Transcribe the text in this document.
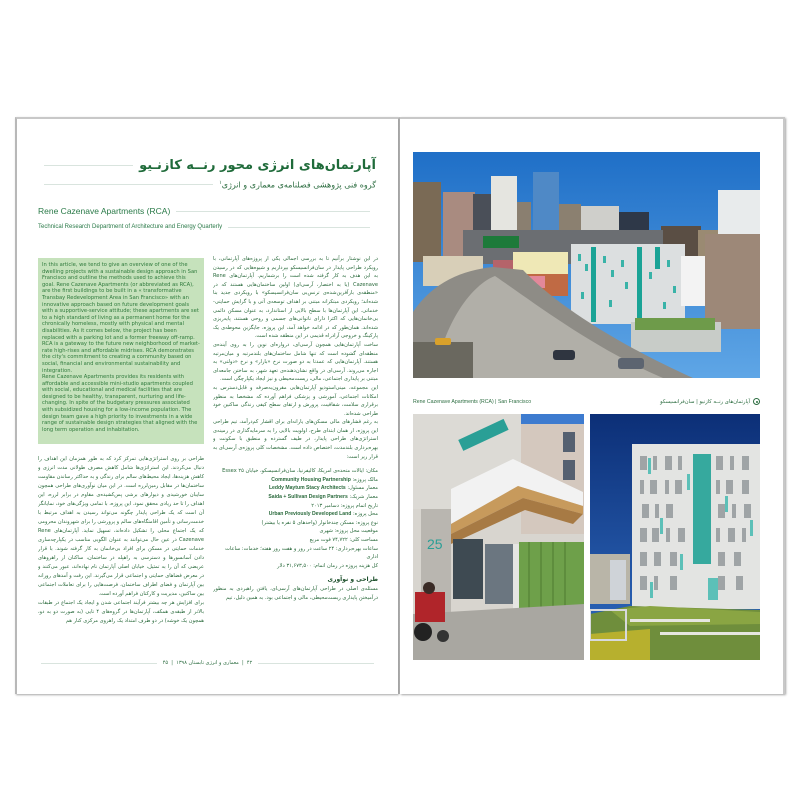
آپارتمان‌های انرژی محور رنــه کازنـیو
گروه فنی پژوهشی فصلنامه‌ی معماری و انرژی$^۱$
Rene Cazenave Apartments (RCA)
Technical Research Department of Architecture and Energy Quarterly

In this article, we tend to give an overview of one of the dwelling projects with a sustainable design approach in San Francisco and outline the methods used to achieve this goal. Rene Cazenave Apartments (or abbreviated as RCA), are the first buildings to be built in a « transformative Transbay Redevelopment Area in San Francisco» with an innovative approach based on future development goals with a supportive-service attitude; these apartments are set to a high standard of living as a permanent home for the chronically homeless, mostly with physical and mental disabilities. As it comes below, the project has been replaced with a parking lot and a former freeway off-ramp.

RCA is a gateway to the future new neighborhood of market-rate high-rises and affordable midrises. RCA demonstrates the city's commitment to creating a community based on social, financial and environmental sustainability and integration.

Rene Cazenave Apartments provides its residents with affordable and accessible mini-studio apartments coupled with social, educational and medical facilities that are designed to be healthy, transparent, nurturing and life-changing. In spite of the budgetary pressures associated with subsidized housing for a low-income population. The design team gave a high priority to investments in a wide range of sustainable design strategies that aligned with the long term operation and inhabitation.

در این نوشتار برآنیم تا به بررسی اجمالی یکی از پروژه‌های آپارتمانی، با رویکرد طراحی پایدار در سان‌فرانسیسکو بپردازیم و شیوه‌هایی که در رسیدن به این هدف به کار گرفته شده است را برشماریم. آپارتمان‌های Rene Cazenave (یا به اختصار، آر‌سی‌ای) اولین ساختمان‌هایی هستند که در «منطقه‌ی بازآفرین‌شده‌ی ترنس‌بی سان‌فرانسیسکو» با رویکردی جدید بنا شده‌اند؛ رویکردی مبتکرانه مبتنی بر اهداف توسعه‌ی آتی و با گرایش حمایتی- خدماتی. این آپارتمان‌ها با سطح بالایی از استاندارد، به عنوان مسکن دائمی بی‌خانمان‌هایی که اکثرا دارای ناتوانی‌های جسمی و روحی هستند، پایه‌ریزی شده‌اند. همان‌طور که در ادامه خواهد آمد، این پروژه، جایگزین محوطه‌ی یک پارکینگ و خروجی آزادراه قدیمی در این منطقه شده است.

ساخت آپارتمان‌هایی همچون آر‌سی‌ای، دروازه‌ای نوین را به روی آینده‌ی منطقه‌ای گشوده است که تنها شامل ساختمان‌های بلندمرتبه و میان‌مرتبه هستند. آپارتمان‌هایی که عمدتا به دو صورت نرخ «بازار» و نرخ «دولتی» به اجاره می‌روند. آر‌سی‌ای در واقع نشان‌دهنده‌ی تعهد شهر، به ساختن جامعه‌ای مبتنی بر پایداری اجتماعی، مالی، زیست‌محیطی و نیز ایجاد یکپارچگی است.

این مجموعه، مینی‌استودیو آپارتمان‌هایی مقرون‌به‌صرفه و قابل‌دسترس به امکانات اجتماعی، آموزشی و پزشکی فراهم آورده که مشخصا به منظور برقراری سلامت، شفافیت، پرورش و ارتقای سطح کیفی زندگی ساکنین خود طراحی شده‌اند.

به رغم فشارهای مالی مسکن‌های یارانه‌ای برای اقشار کم‌درآمد، تیم طراحی این پروژه، از همان ابتدای طرح، اولویت بالایی را به سرمایه‌گذاری در زمینه‌ی استراتژی‌های طراحی پایدار، در طیف گسترده و منطبق با سکونت و بهره‌برداری بلندمدت، اختصاص داده است. مشخصات کلی پروژه‌ی آر‌سی‌ای به قرار زیر است:

مکان: ایالات متحده‌ی امریکا، کالیفرنیا، سان‌فرانسیسکو، خیابان ۲۵ Essex
مالک پروژه: Community Housing Partnership
معمار مسئول: Leddy Maytum Stacy Architects
معمار شریک: Saida + Sullivan Design Partners
تاریخ اتمام پروژه: دسامبر ۲۰۱۳
محل پروژه: Urban Previously Developed Land
نوع پروژه: مسکن چندخانوار (واحدهای ۵ نفره یا بیشتر)
موقعیت محل پروژه: شهری
مساحت کلی: ۷۴,۷۲۲ فوت مربع
ساعات بهره‌برداری: ۲۴ ساعت در روز و هفت روز هفته؛ خدمات: ساعات اداری
کل هزینه پروژه در زمان اتمام: ۳۱,۶۷۳,۵۰۰ دلار

طراحی و نوآوری

مسئله‌ی اصلی در طراحی آپارتمان‌های آر‌سی‌ای، یافتن راهبردی به منظور دراَمیختن پایداری زیست‌محیطی، مالی و اجتماعی بود. به همین دلیل، تیم

طراحی بر روی استراتژی‌هایی تمرکز کرد که به طور همزمان این اهداف را دنبال می‌کردند. این استراتژی‌ها شامل کاهش مصرف طولانی مدت انرژی و کاهش هزینه‌ها، ایجاد محیط‌های سالم برای زندگی و به حداکثر رساندن مقاومت ساختمان‌ها در مقابل زمین‌لرزه است. در این میان نوآوری‌های طراحی همچون سایبان خورشیدی و دیوارهای برشی پس‌کشیده‌ی مقاوم در برابر لرزه، این اهداف را تا حد زیادی محقق نمود. این پروژه، با تمامی ویژگی‌های خود، نمایانگر آن است که یک طراحی پایدار چگونه می‌تواند رسیدن به اهداف مرتبط با خدمت‌رسانی و تأمین اقامتگاه‌های سالم و پرورشی را برای شهروندان محرومی که یک اجتماع محلی را تشکیل داده‌اند، تسهیل نماید. آپارتمان‌های Rene Cazenave در عین حال می‌توانند به عنوان الگویی مناسب در یکپارچه‌سازی خدمات حمایتی در مسکن برای افراد بی‌خانمان به کار گرفته شوند. با قرار دادن آسانسورها و دسترسی به راهپله در ساختمان، ساکنان از راهروهای عریضی که آن را به تمثیل، خیابان اصلی آپارتمان نام نهاده‌اند، عبور می‌کنند و در معرض فضاهای حمایتی و اجتماعی قرار می‌گیرند. این رفت و آمدهای روزانه بین آپارتمان و فضای اطراف ساختمان، فرصت‌هایی را برای تعاملات اجتماعی بین ساکنین، مدیریت و کارکنان فراهم آورده است.

برای افزایش هر چه بیشتر فرآیند اجتماعی شدن و ایجاد یک اجتماع در طبقات بالاتر از طبقه‌ی همکف، آپارتمان‌ها در گروه‌های ۴ تایی (به صورت دو به دو، همچون یک خوشه) در دو طرف امتداد یک راهروی مرکزی کنار هم

۴۲  |  معماری و انرژی تابستان ۱۳۹۸  |  ۴۵
Rene Cazenave Apartments (RCA) | San Francisco	آپارتمان‌های رنــه کازنیو | سان‌فرانسیسکو
25
